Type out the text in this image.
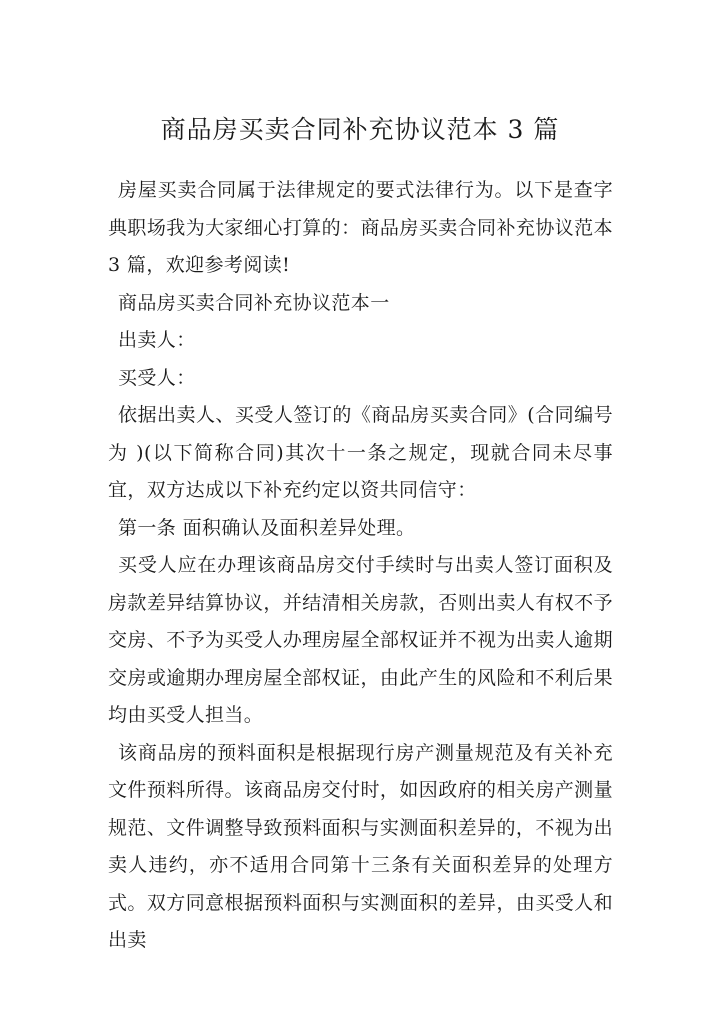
商品房买卖合同补充协议范本 3 篇

房屋买卖合同属于法律规定的要式法律行为。以下是查字典职场我为大家细心打算的：商品房买卖合同补充协议范本 3 篇，欢迎参考阅读!

商品房买卖合同补充协议范本一

出卖人：

买受人：

依据出卖人、买受人签订的《商品房买卖合同》(合同编号为 )(以下简称合同)其次十一条之规定，现就合同未尽事宜，双方达成以下补充约定以资共同信守：

第一条 面积确认及面积差异处理。

买受人应在办理该商品房交付手续时与出卖人签订面积及房款差异结算协议，并结清相关房款，否则出卖人有权不予交房、不予为买受人办理房屋全部权证并不视为出卖人逾期交房或逾期办理房屋全部权证，由此产生的风险和不利后果均由买受人担当。

该商品房的预料面积是根据现行房产测量规范及有关补充文件预料所得。该商品房交付时，如因政府的相关房产测量规范、文件调整导致预料面积与实测面积差异的，不视为出卖人违约，亦不适用合同第十三条有关面积差异的处理方式。双方同意根据预料面积与实测面积的差异，由买受人和出卖
